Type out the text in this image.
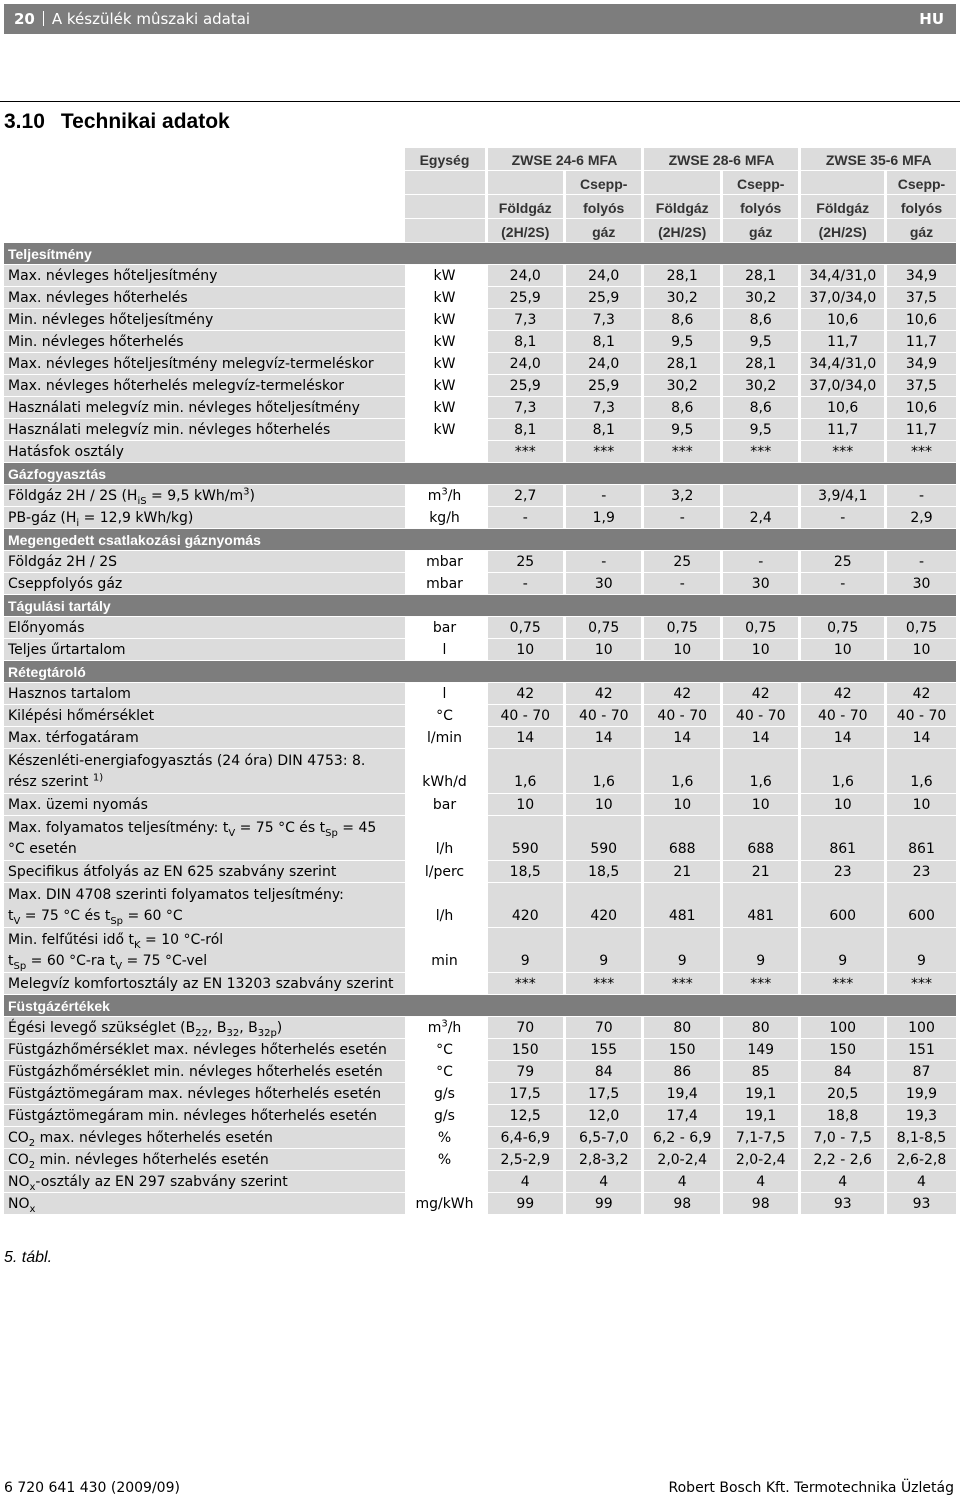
20 A készülék mûszaki adatai	HU
3.10 Technikai adatok
	Egység	ZWSE 24-6 MFA		ZWSE 28-6 MFA		ZWSE 35-6 MFA	
			Csepp-		Csepp-		Csepp-
		Földgáz	folyós	Földgáz	folyós	Földgáz	folyós
		(2H/2S)	gáz	(2H/2S)	gáz	(2H/2S)	gáz
Teljesítmény							
Max. névleges hőteljesítmény	kW	24,0	24,0	28,1	28,1	34,4/31,0	34,9
Max. névleges hőterhelés	kW	25,9	25,9	30,2	30,2	37,0/34,0	37,5
Min. névleges hőteljesítmény	kW	7,3	7,3	8,6	8,6	10,6	10,6
Min. névleges hőterhelés	kW	8,1	8,1	9,5	9,5	11,7	11,7
Max. névleges hőteljesítmény melegvíz-termeléskor	kW	24,0	24,0	28,1	28,1	34,4/31,0	34,9
Max. névleges hőterhelés melegvíz-termeléskor	kW	25,9	25,9	30,2	30,2	37,0/34,0	37,5
Használati melegvíz min. névleges hőteljesítmény	kW	7,3	7,3	8,6	8,6	10,6	10,6
Használati melegvíz min. névleges hőterhelés	kW	8,1	8,1	9,5	9,5	11,7	11,7
Hatásfok osztály		***	***	***	***	***	***
Gázfogyasztás							
Földgáz 2H / 2S ($H_{iS} = 9,5$ kWh/$m^3$)	$m^3/h$	2,7	-	3,2		3,9/4,1	-
PB-gáz ($H_i = 12,9$ kWh/kg)	kg/h	-	1,9	-	2,4	-	2,9
Megengedett csatlakozási gáznyomás							
Földgáz 2H / 2S	mbar	25	-	25	-	25	-
Cseppfolyós gáz	mbar	-	30	-	30	-	30
Tágulási tartály							
Előnyomás	bar	0,75	0,75	0,75	0,75	0,75	0,75
Teljes űrtartalom	l	10	10	10	10	10	10
Rétegtároló							
Hasznos tartalom	l	42	42	42	42	42	42
Kilépési hőmérséklet	°C	40 - 70	40 - 70	40 - 70	40 - 70	40 - 70	40 - 70
Max. térfogatáram	l/min	14	14	14	14	14	14
Készenléti-energiafogyasztás (24 óra) DIN 4753: 8.
rész szerint $^{1)}$	kWh/d	1,6	1,6	1,6	1,6	1,6	1,6
Max. üzemi nyomás	bar	10	10	10	10	10	10
Max. folyamatos teljesítmény: $t_V = 75$ °C és $t_{Sp} = 45$
°C esetén	l/h	590	590	688	688	861	861
Specifikus átfolyás az EN 625 szabvány szerint	l/perc	18,5	18,5	21	21	23	23
Max. DIN 4708 szerinti folyamatos teljesítmény:
$t_V = 75$ °C és $t_{Sp} = 60$ °C	l/h	420	420	481	481	600	600
Min. felfűtési idő $t_K = 10$ °C-ról
$t_{Sp} = 60$ °C-ra $t_V = 75$ °C-vel	min	9	9	9	9	9	9
Melegvíz komfortosztály az EN 13203 szabvány szerint		***	***	***	***	***	***
Füstgázértékek							
Égési levegő szükséglet ($B_{22}$, $B_{32}$, $B_{32p}$)	$m^3/h$	70	70	80	80	100	100
Füstgázhőmérséklet max. névleges hőterhelés esetén	°C	150	155	150	149	150	151
Füstgázhőmérséklet min. névleges hőterhelés esetén	°C	79	84	86	85	84	87
Füstgáztömegáram max. névleges hőterhelés esetén	g/s	17,5	17,5	19,4	19,1	20,5	19,9
Füstgáztömegáram min. névleges hőterhelés esetén	g/s	12,5	12,0	17,4	19,1	18,8	19,3
$CO_2$ max. névleges hőterhelés esetén	%	6,4-6,9	6,5-7,0	6,2 - 6,9	7,1-7,5	7,0 - 7,5	8,1-8,5
$CO_2$ min. névleges hőterhelés esetén	%	2,5-2,9	2,8-3,2	2,0-2,4	2,0-2,4	2,2 - 2,6	2,6-2,8
$NO_x$-osztály az EN 297 szabvány szerint		4	4	4	4	4	4
$NO_x$	mg/kWh	99	99	98	98	93	93
5. tábl.
6 720 641 430 (2009/09)	Robert Bosch Kft. Termotechnika Üzletág
